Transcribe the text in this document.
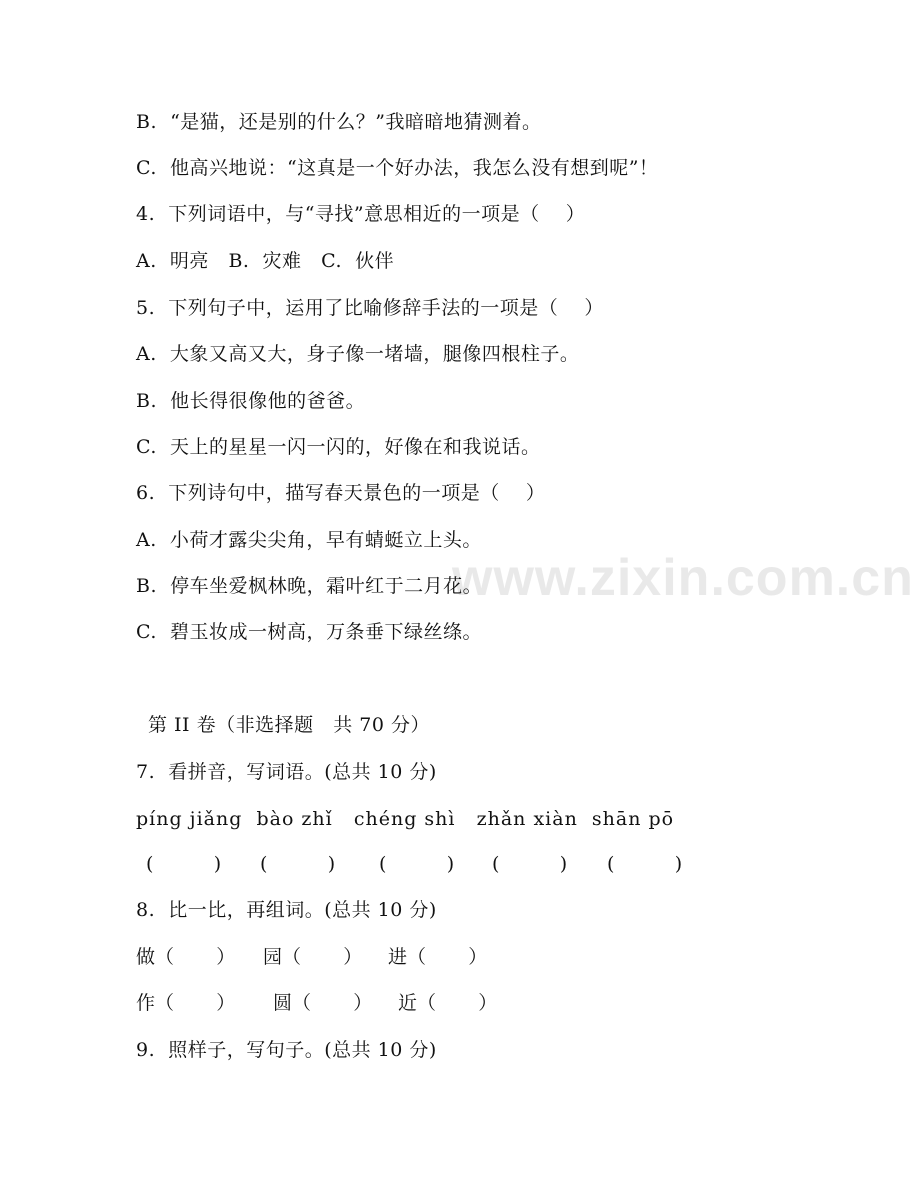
www.zixin.com.cn
B.  “是猫，还是别的什么？”我暗暗地猜测着。
C.  他高兴地说：“这真是一个好办法，我怎么没有想到呢”！
4.  下列词语中，与“寻找”意思相近的一项是（    ）
A.  明亮   B.  灾难   C.  伙伴
5.  下列句子中，运用了比喻修辞手法的一项是（    ）
A.  大象又高又大，身子像一堵墙，腿像四根柱子。
B.  他长得很像他的爸爸。
C.  天上的星星一闪一闪的，好像在和我说话。
6.  下列诗句中，描写春天景色的一项是（    ）
A.  小荷才露尖尖角，早有蜻蜓立上头。
B.  停车坐爱枫林晚，霜叶红于二月花。
C.  碧玉妆成一树高，万条垂下绿丝绦。
第 II 卷（非选择题   共 70 分）
7.  看拼音，写词语。(总共 10 分)
píng jiǎng  bào zhǐ   chéng shì   zhǎn xiàn  shān pō

(          )

(          )

(          )

(          )

(          )

8.  比一比，再组词。(总共 10 分)

做（       ）

园（       ）

进（       ）

作（       ）

圆（       ）

近（       ）

9.  照样子，写句子。(总共 10 分)
